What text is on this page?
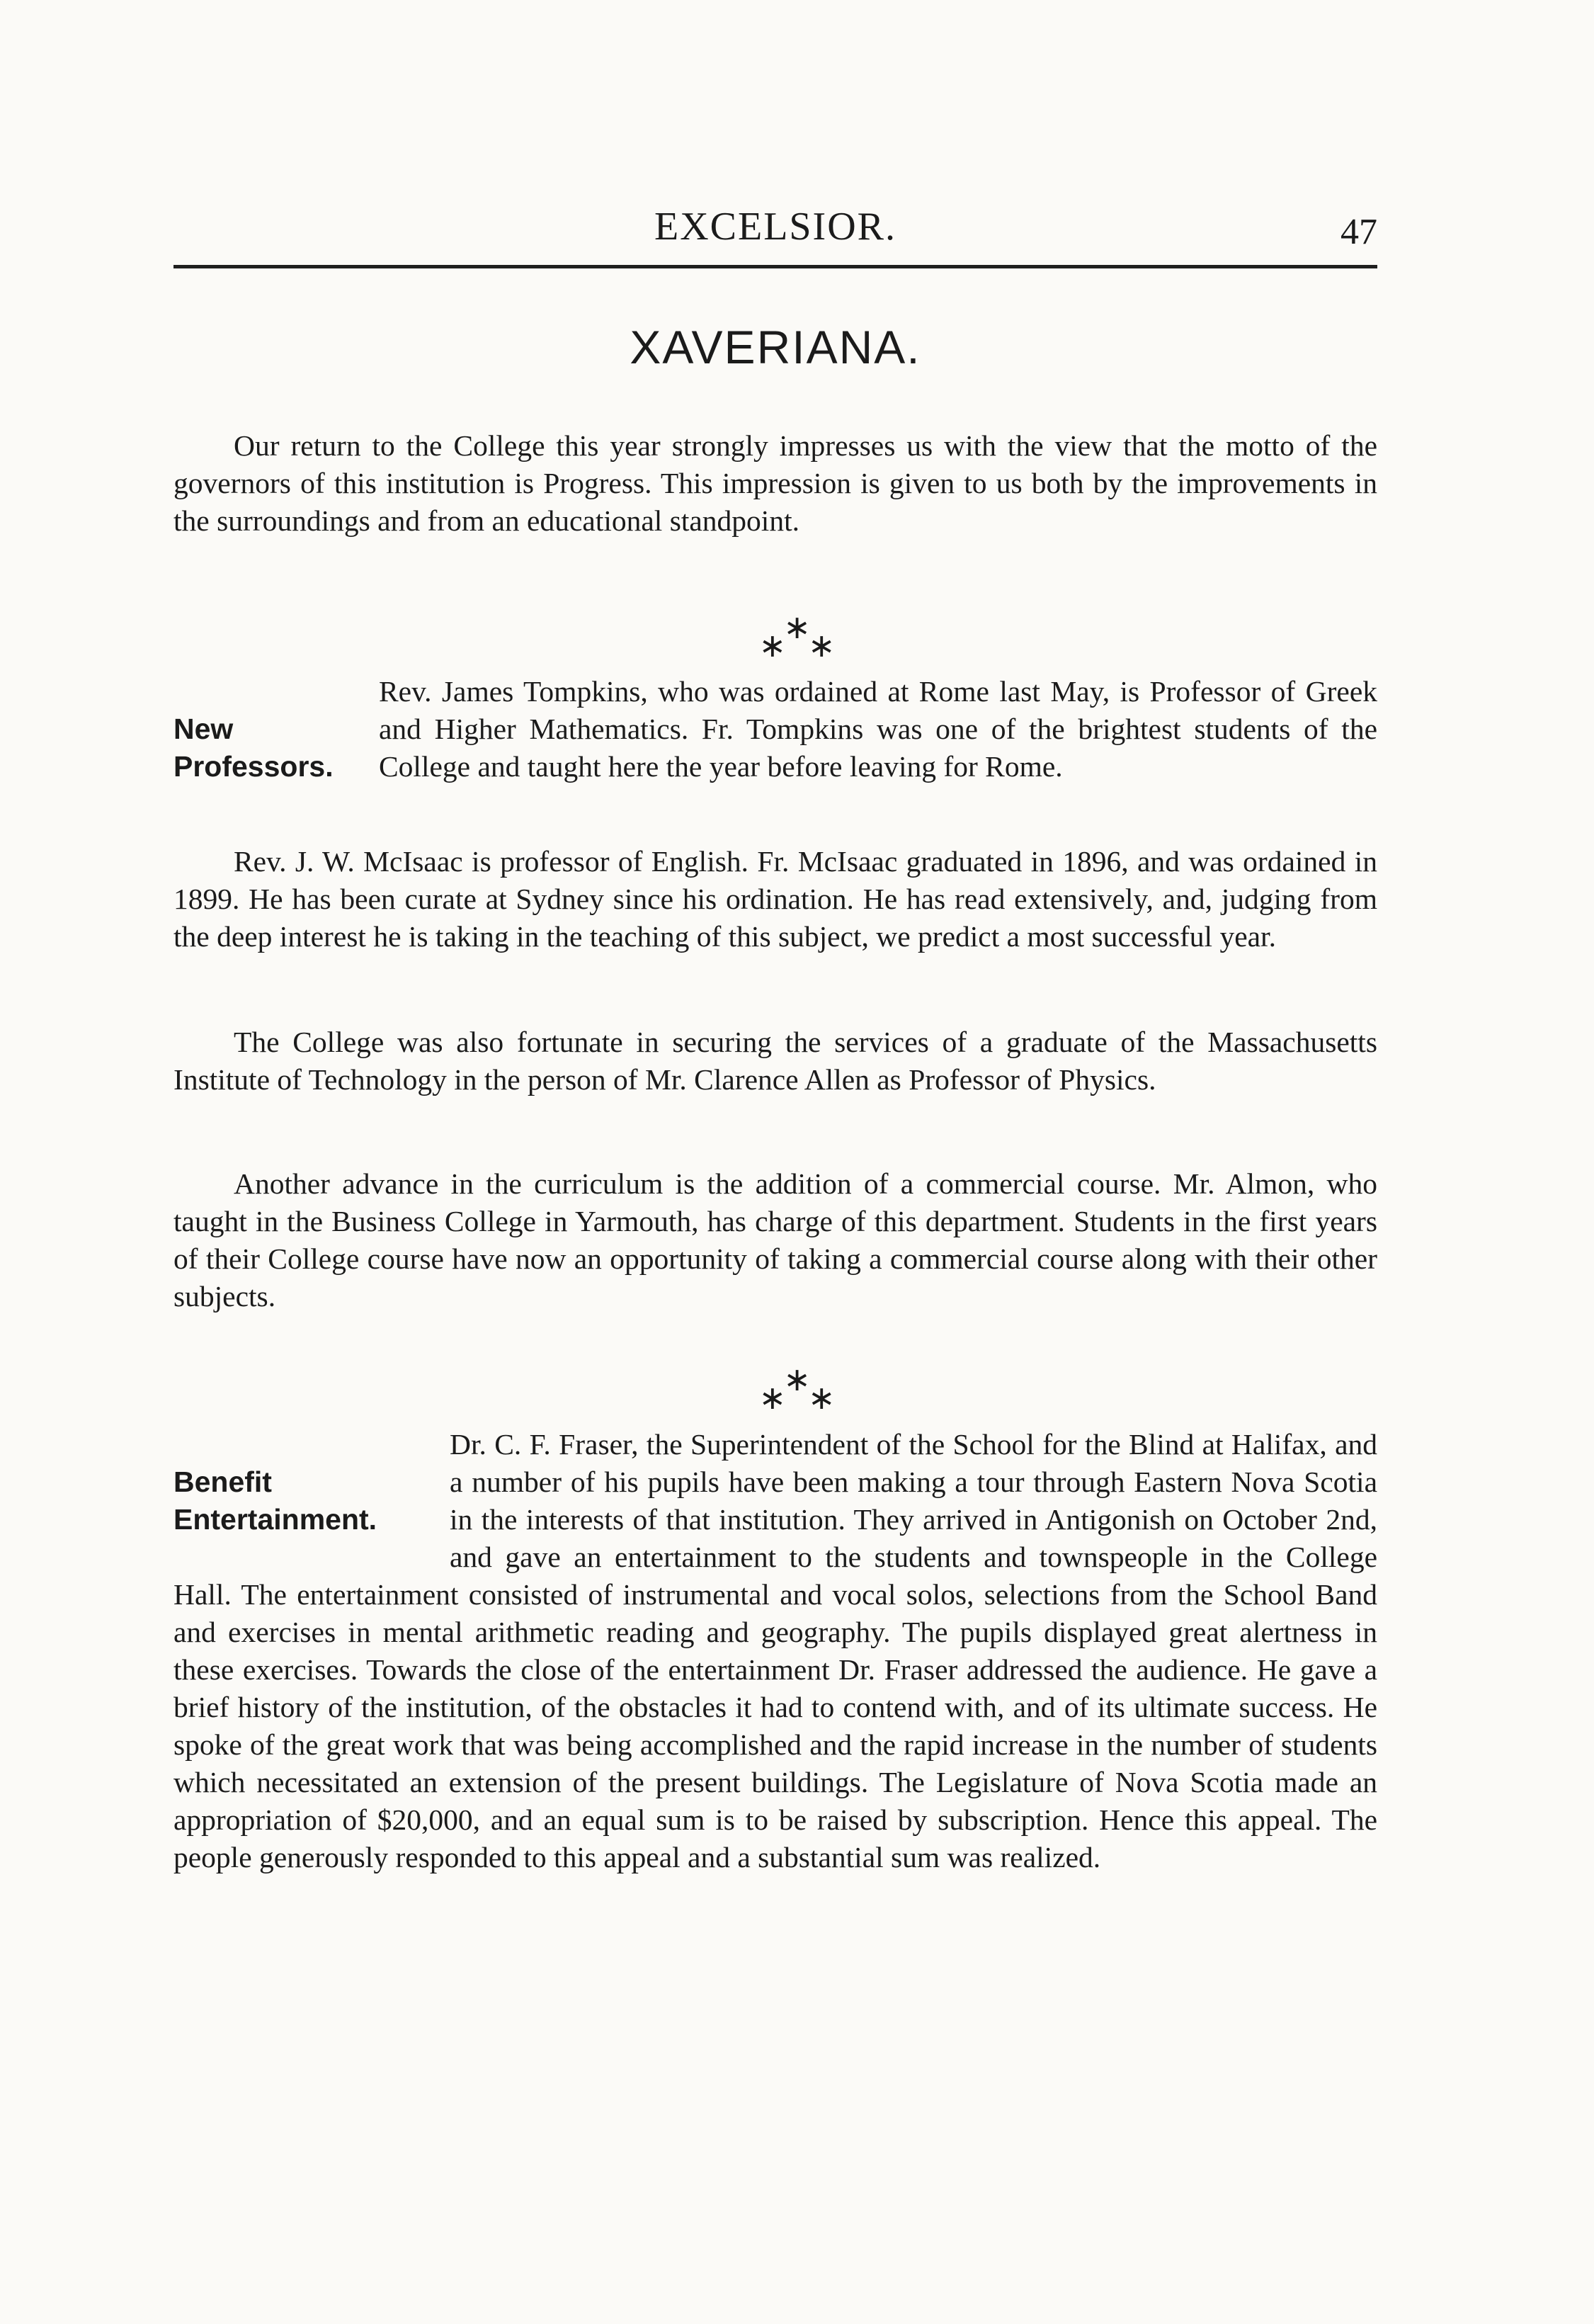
EXCELSIOR.	47
XAVERIANA.

Our return to the College this year strongly impresses us with the view that the motto of the governors of this institution is Progress. This impression is given to us both by the improvements in the surroundings and from an educational standpoint.

∗
∗ ∗
New
Professors.

Rev. James Tompkins, who was ordained at Rome last May, is Professor of Greek and Higher Mathematics. Fr. Tompkins was one of the brightest students of the College and taught here the year before leaving for Rome.

Rev. J. W. McIsaac is professor of English. Fr. McIsaac graduated in 1896, and was ordained in 1899. He has been curate at Sydney since his ordination. He has read extensively, and, judging from the deep interest he is taking in the teaching of this subject, we predict a most successful year.

The College was also fortunate in securing the services of a graduate of the Massachusetts Institute of Technology in the person of Mr. Clarence Allen as Professor of Physics.

Another advance in the curriculum is the addition of a commercial course. Mr. Almon, who taught in the Business College in Yarmouth, has charge of this department. Students in the first years of their College course have now an opportunity of taking a commercial course along with their other subjects.

∗
∗ ∗
Benefit
Entertainment.

Dr. C. F. Fraser, the Superintendent of the School for the Blind at Halifax, and a number of his pupils have been making a tour through Eastern Nova Scotia in the interests of that institution. They arrived in Antigonish on October 2nd, and gave an entertainment to the students and townspeople in the College Hall. The entertainment consisted of instrumental and vocal solos, selections from the School Band and exercises in mental arithmetic reading and geography. The pupils displayed great alertness in these exercises. Towards the close of the entertainment Dr. Fraser addressed the audience. He gave a brief history of the institution, of the obstacles it had to contend with, and of its ultimate success. He spoke of the great work that was being accomplished and the rapid increase in the number of students which necessitated an extension of the present buildings. The Legislature of Nova Scotia made an appropriation of $20,000, and an equal sum is to be raised by subscription. Hence this appeal. The people generously responded to this appeal and a substantial sum was realized.
